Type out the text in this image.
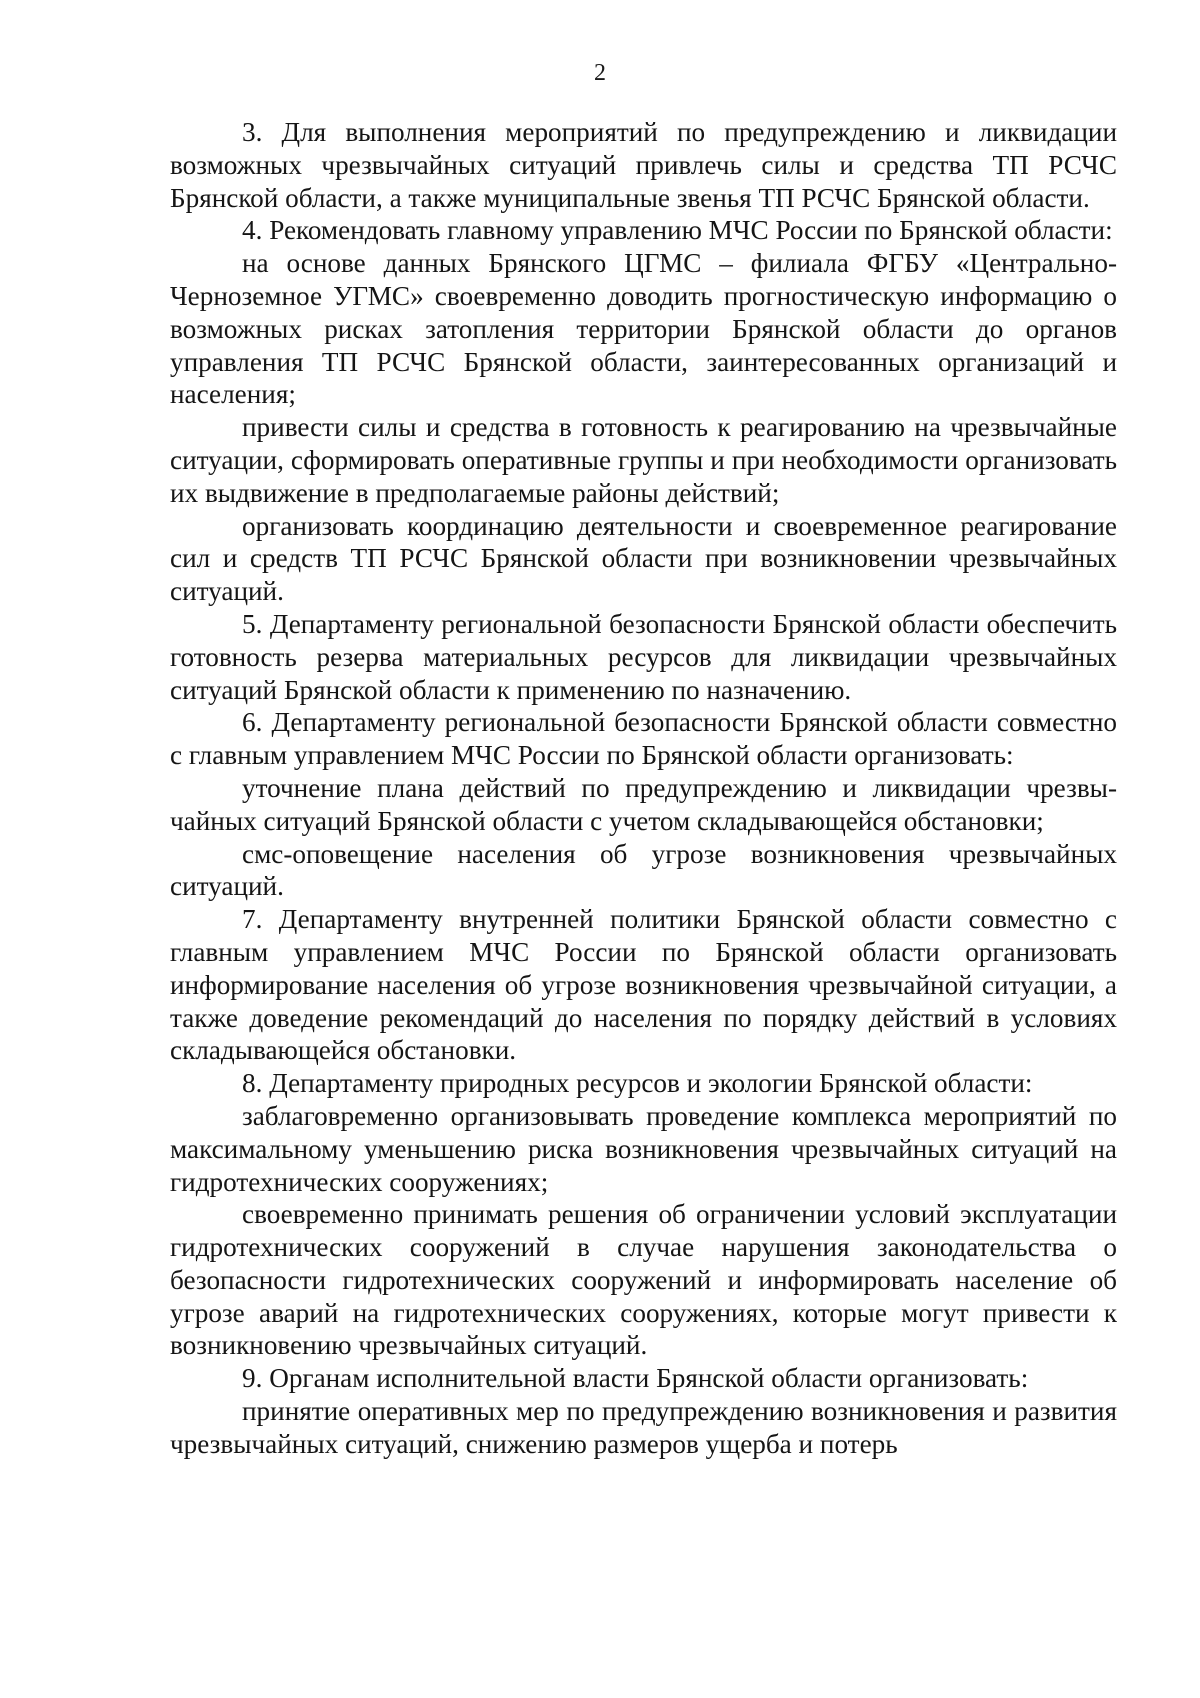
2

3. Для выполнения мероприятий по предупреждению и ликвидации возможных чрезвычайных ситуаций привлечь силы и средства ТП РСЧС Брянской области, а также муниципальные звенья ТП РСЧС Брянской области.

4. Рекомендовать главному управлению МЧС России по Брянской области:

на основе данных Брянского ЦГМС – филиала ФГБУ «Центрально-Черноземное УГМС» своевременно доводить прогностическую информацию о возможных рисках затопления территории Брянской области до органов управления ТП РСЧС Брянской области, заинтересованных организаций и населения;

привести силы и средства в готовность к реагированию на чрезвычайные ситуации, сформировать оперативные группы и при необходимости организовать их выдвижение в предполагаемые районы действий;

организовать координацию деятельности и своевременное реагирование сил и средств ТП РСЧС Брянской области при возникновении чрезвычайных ситуаций.

5. Департаменту региональной безопасности Брянской области обеспечить готовность резерва материальных ресурсов для ликвидации чрезвычайных ситуаций Брянской области к применению по назначению.

6. Департаменту региональной безопасности Брянской области совместно с главным управлением МЧС России по Брянской области организовать:

уточнение плана действий по предупреждению и ликвидации чрезвычайных ситуаций Брянской области с учетом складывающейся обстановки;

смс-оповещение населения об угрозе возникновения чрезвычайных ситуаций.

7. Департаменту внутренней политики Брянской области совместно с главным управлением МЧС России по Брянской области организовать информирование населения об угрозе возникновения чрезвычайной ситуации, а также доведение рекомендаций до населения по порядку действий в условиях складывающейся обстановки.

8. Департаменту природных ресурсов и экологии Брянской области:

заблаговременно организовывать проведение комплекса мероприятий по максимальному уменьшению риска возникновения чрезвычайных ситуаций на гидротехнических сооружениях;

своевременно принимать решения об ограничении условий эксплуатации гидротехнических сооружений в случае нарушения законодательства о безопасности гидротехнических сооружений и информировать население об угрозе аварий на гидротехнических сооружениях, которые могут привести к возникновению чрезвычайных ситуаций.

9. Органам исполнительной власти Брянской области организовать:

принятие оперативных мер по предупреждению возникновения и развития чрезвычайных ситуаций, снижению размеров ущерба и потерь
